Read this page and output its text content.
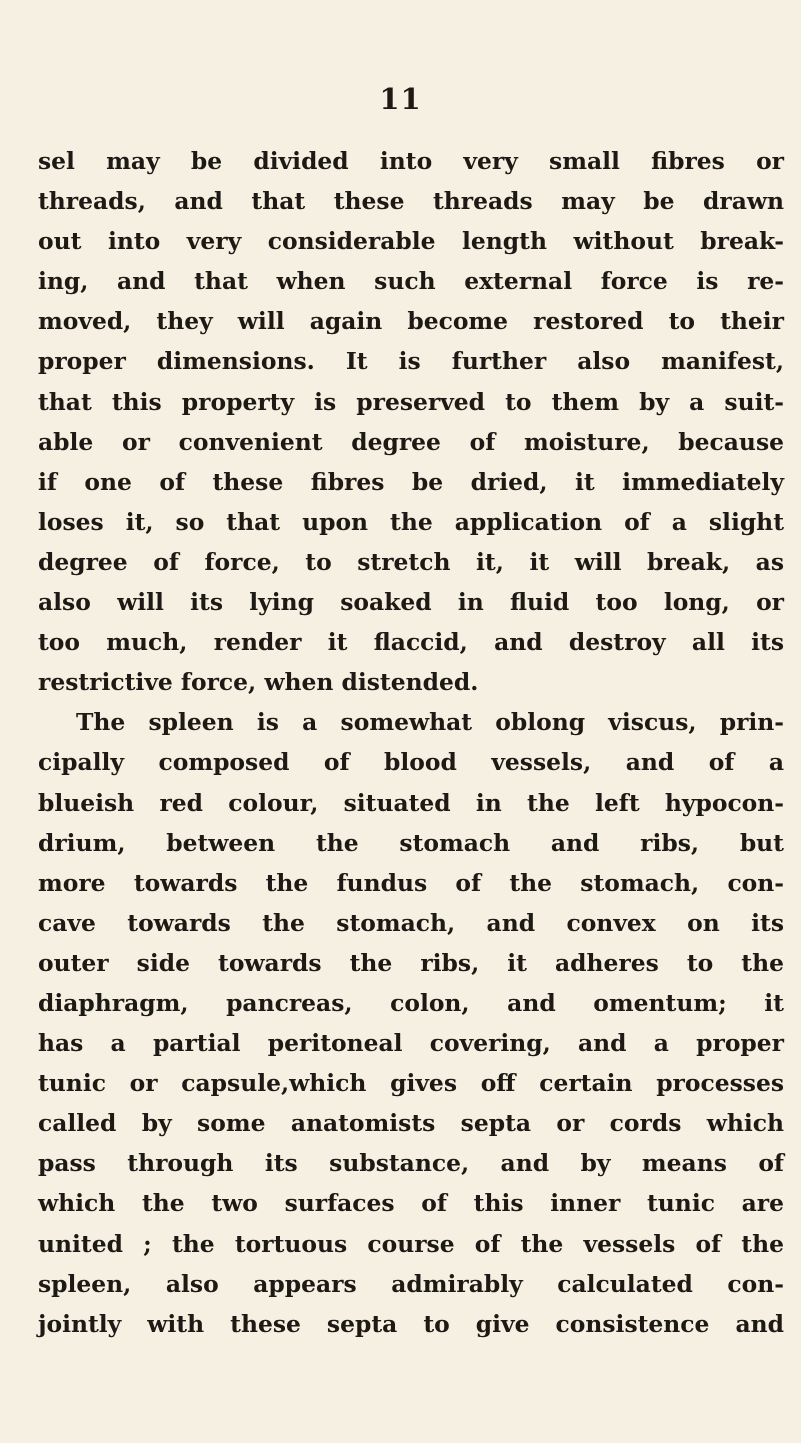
11
sel may be divided into very small fibres or
threads, and that these threads may be drawn
out into very considerable length without break-
ing, and that when such external force is re-
moved, they will again become restored to their
proper dimensions. It is further also manifest,
that this property is preserved to them by a suit-
able or convenient degree of moisture, because
if one of these fibres be dried, it immediately
loses it, so that upon the application of a slight
degree of force, to stretch it, it will break, as
also will its lying soaked in fluid too long, or
too much, render it flaccid, and destroy all its
restrictive force, when distended.
The spleen is a somewhat oblong viscus, prin-
cipally composed of blood vessels, and of a
blueish red colour, situated in the left hypocon-
drium, between the stomach and ribs, but
more towards the fundus of the stomach, con-
cave towards the stomach, and convex on its
outer side towards the ribs, it adheres to the
diaphragm, pancreas, colon, and omentum; it
has a partial peritoneal covering, and a proper
tunic or capsule,which gives off certain processes
called by some anatomists septa or cords which
pass through its substance, and by means of
which the two surfaces of this inner tunic are
united ; the tortuous course of the vessels of the
spleen, also appears admirably calculated con-
jointly with these septa to give consistence and
